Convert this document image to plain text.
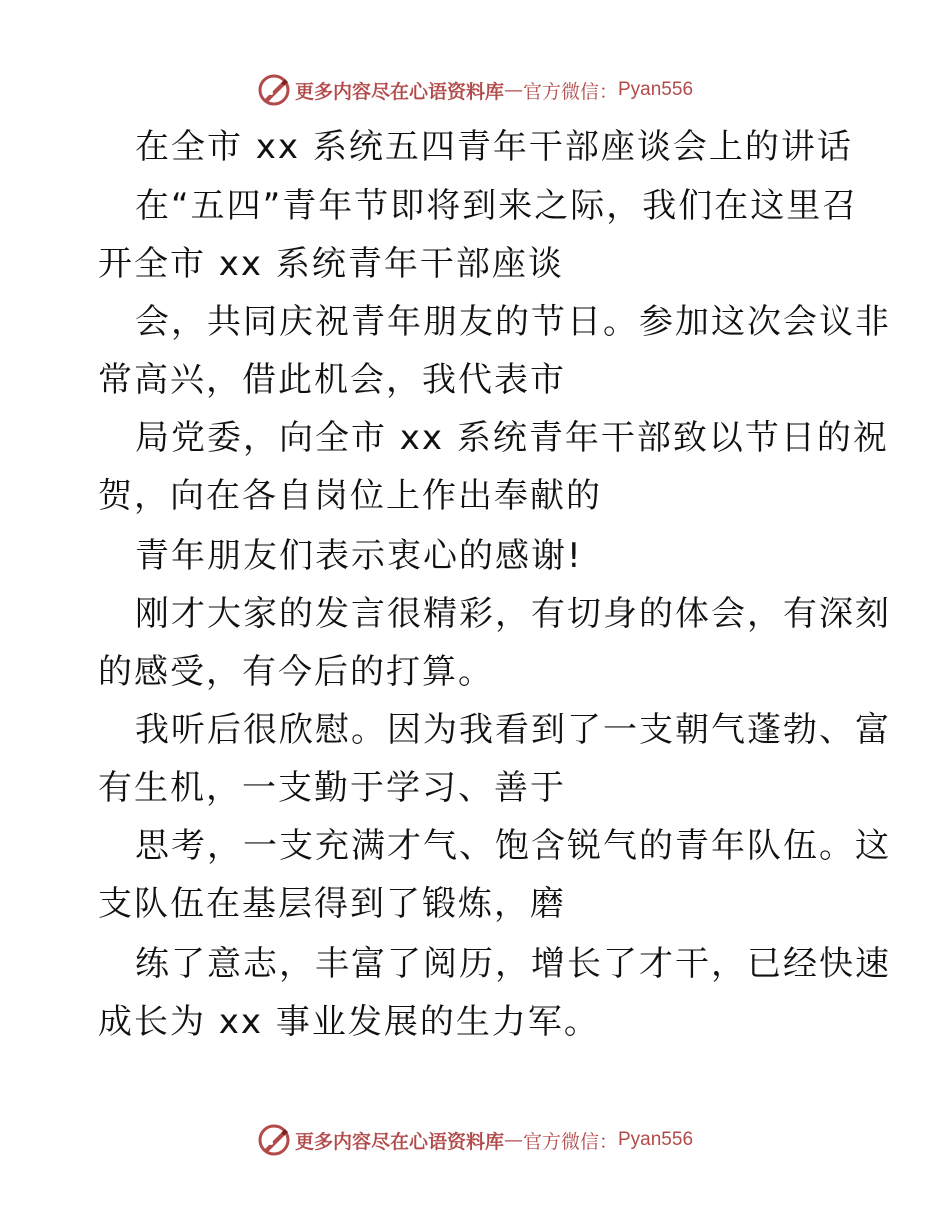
更多内容尽在心语资料库 — 官方微信： Pyan556
在全市 xx 系统五四青年干部座谈会上的讲话
在“五四”青年节即将到来之际，我们在这里召
开全市 xx 系统青年干部座谈
会，共同庆祝青年朋友的节日。参加这次会议非
常高兴，借此机会，我代表市
局党委，向全市 xx 系统青年干部致以节日的祝
贺，向在各自岗位上作出奉献的
青年朋友们表示衷心的感谢!
刚才大家的发言很精彩，有切身的体会，有深刻
的感受，有今后的打算。
我听后很欣慰。因为我看到了一支朝气蓬勃、富
有生机，一支勤于学习、善于
思考，一支充满才气、饱含锐气的青年队伍。这
支队伍在基层得到了锻炼，磨
练了意志，丰富了阅历，增长了才干，已经快速
成长为 xx 事业发展的生力军。
更多内容尽在心语资料库 — 官方微信： Pyan556
